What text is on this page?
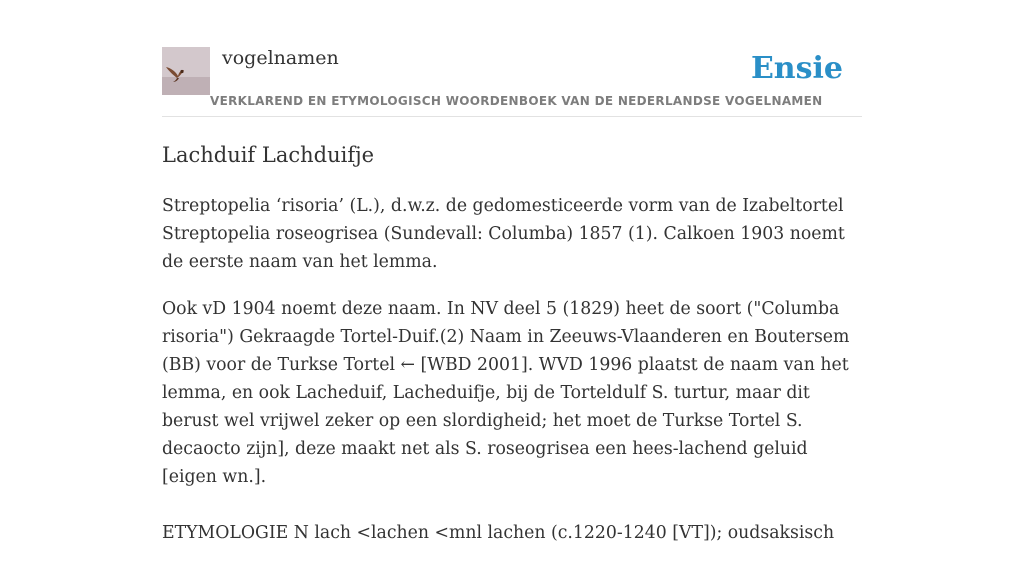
vogelnamen
VERKLAREND EN ETYMOLOGISCH WOORDENBOEK VAN DE NEDERLANDSE VOGELNAMEN
Ensie
Lachduif Lachduifje

Streptopelia ‘risoria’ (L.), d.w.z. de gedomesticeerde vorm van de Izabeltortel Streptopelia roseogrisea (Sundevall: Columba) 1857 (1). Calkoen 1903 noemt de eerste naam van het lemma.

Ook vD 1904 noemt deze naam. In NV deel 5 (1829) heet de soort ("Columba risoria") Gekraagde Tortel-Duif.(2) Naam in Zeeuws-Vlaanderen en Boutersem (BB) voor de Turkse Tortel ← [WBD 2001]. WVD 1996 plaatst de naam van het lemma, en ook Lacheduif, Lacheduifje, bij de Torteldulf S. turtur, maar dit berust wel vrijwel zeker op een slordigheid; het moet de Turkse Tortel S. decaocto zijn], deze maakt net als S. roseogrisea een hees-lachend geluid [eigen wn.].

ETYMOLOGIE N lach <lachen <mnl lachen (c.1220-1240 [VT]); oudsaksisch
